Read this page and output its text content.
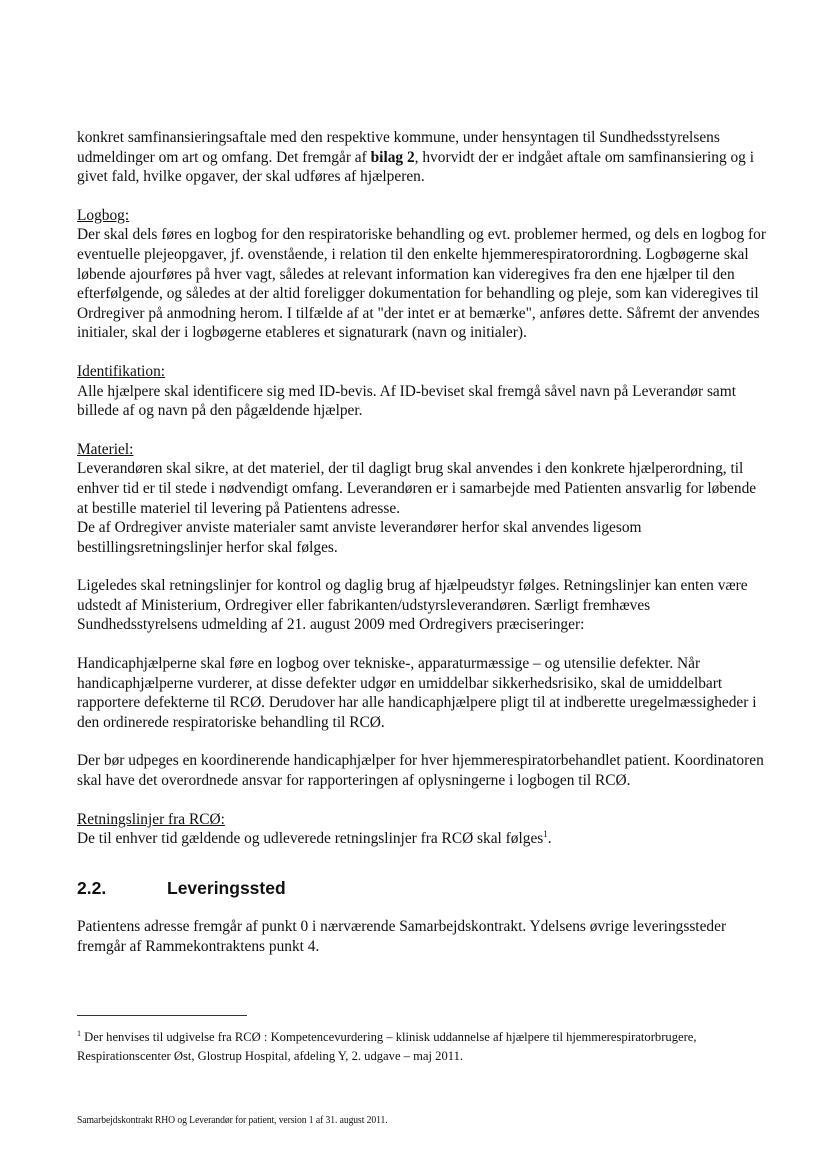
konkret samfinansieringsaftale med den respektive kommune, under hensyntagen til Sundhedsstyrelsens udmeldinger om art og omfang. Det fremgår af bilag 2, hvorvidt der er indgået aftale om samfinansiering og i givet fald, hvilke opgaver, der skal udføres af hjælperen.

Logbog:
Der skal dels føres en logbog for den respiratoriske behandling og evt. problemer hermed, og dels en logbog for eventuelle plejeopgaver, jf. ovenstående, i relation til den enkelte hjemmerespiratorordning. Logbøgerne skal løbende ajourføres på hver vagt, således at relevant information kan videregives fra den ene hjælper til den efterfølgende, og således at der altid foreligger dokumentation for behandling og pleje, som kan videregives til Ordregiver på anmodning herom. I tilfælde af at "der intet er at bemærke", anføres dette. Såfremt der anvendes initialer, skal der i logbøgerne etableres et signaturark (navn og initialer).

Identifikation:
Alle hjælpere skal identificere sig med ID-bevis. Af ID-beviset skal fremgå såvel navn på Leverandør samt billede af og navn på den pågældende hjælper.

Materiel:
Leverandøren skal sikre, at det materiel, der til dagligt brug skal anvendes i den konkrete hjælperordning, til enhver tid er til stede i nødvendigt omfang. Leverandøren er i samarbejde med Patienten ansvarlig for løbende at bestille materiel til levering på Patientens adresse.
De af Ordregiver anviste materialer samt anviste leverandører herfor skal anvendes ligesom bestillingsretningslinjer herfor skal følges.

Ligeledes skal retningslinjer for kontrol og daglig brug af hjælpeudstyr følges. Retningslinjer kan enten være udstedt af Ministerium, Ordregiver eller fabrikanten/udstyrsleverandøren. Særligt fremhæves Sundhedsstyrelsens udmelding af 21. august 2009 med Ordregivers præciseringer:

Handicaphjælperne skal føre en logbog over tekniske-, apparaturmæssige – og utensilie defekter. Når handicaphjælperne vurderer, at disse defekter udgør en umiddelbar sikkerhedsrisiko, skal de umiddelbart rapportere defekterne til RCØ. Derudover har alle handicaphjælpere pligt til at indberette uregelmæssigheder i den ordinerede respiratoriske behandling til RCØ.

Der bør udpeges en koordinerende handicaphjælper for hver hjemmerespiratorbehandlet patient. Koordinatoren skal have det overordnede ansvar for rapporteringen af oplysningerne i logbogen til RCØ.

Retningslinjer fra RCØ:
De til enhver tid gældende og udleverede retningslinjer fra RCØ skal følges$^1$.

2.2.	Leveringssted

Patientens adresse fremgår af punkt 0 i nærværende Samarbejdskontrakt. Ydelsens øvrige leveringssteder fremgår af Rammekontraktens punkt 4.

$^1$ Der henvises til udgivelse fra RCØ : Kompetencevurdering – klinisk uddannelse af hjælpere til hjemmerespiratorbrugere, Respirationscenter Øst, Glostrup Hospital, afdeling Y, 2. udgave – maj 2011.
Samarbejdskontrakt RHO og Leverandør for patient, version 1 af 31. august 2011.
